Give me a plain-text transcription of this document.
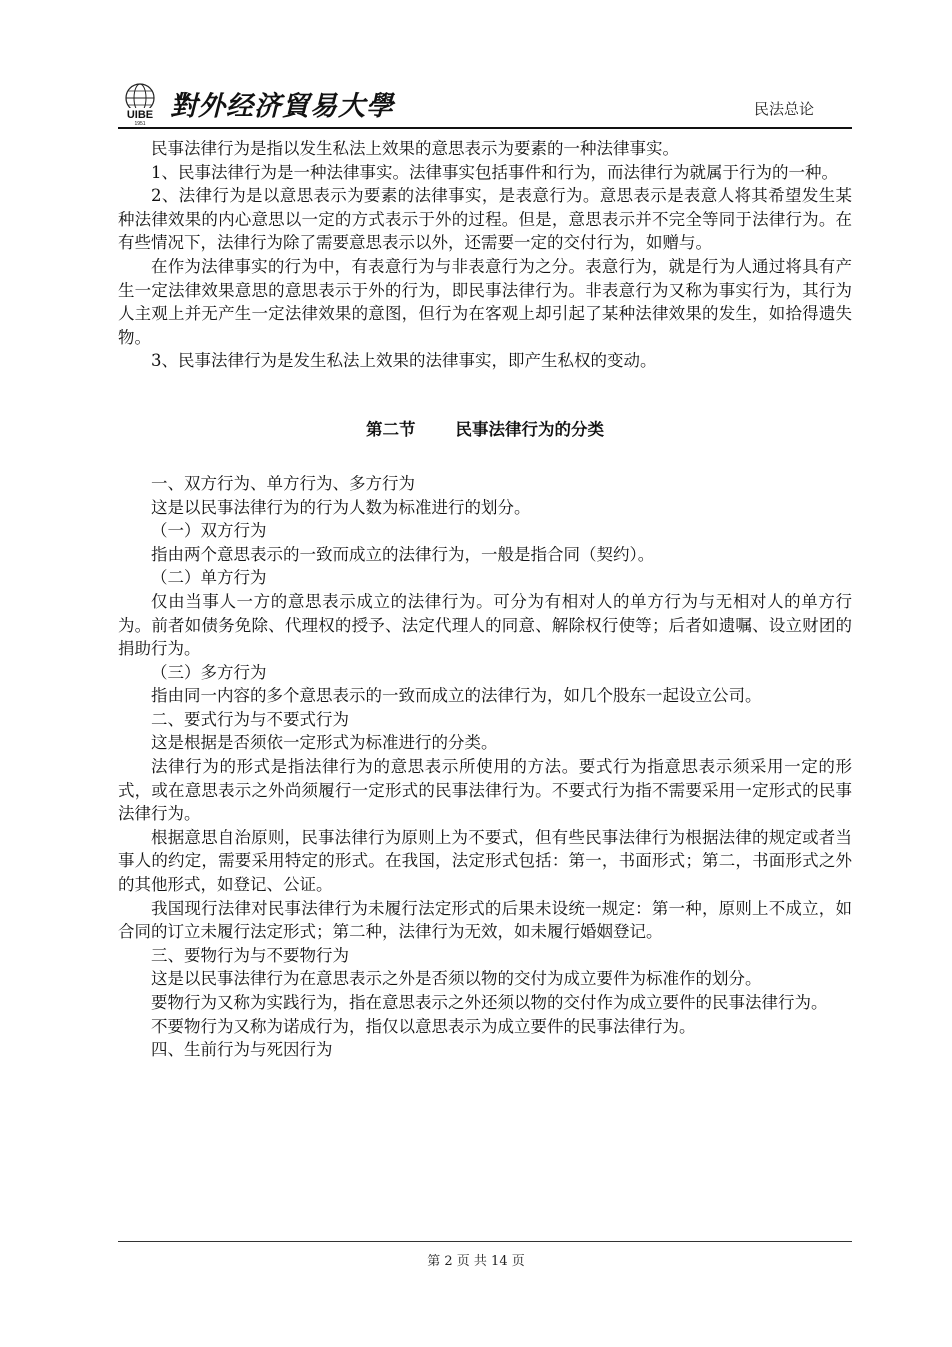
UIBE
1951
對外经济貿易大學	民法总论

民事法律行为是指以发生私法上效果的意思表示为要素的一种法律事实。

1、民事法律行为是一种法律事实。法律事实包括事件和行为，而法律行为就属于行为的一种。

2、法律行为是以意思表示为要素的法律事实，是表意行为。意思表示是表意人将其希望发生某种法律效果的内心意思以一定的方式表示于外的过程。但是，意思表示并不完全等同于法律行为。在有些情况下，法律行为除了需要意思表示以外，还需要一定的交付行为，如赠与。

在作为法律事实的行为中，有表意行为与非表意行为之分。表意行为，就是行为人通过将具有产生一定法律效果意思的意思表示于外的行为，即民事法律行为。非表意行为又称为事实行为，其行为人主观上并无产生一定法律效果的意图，但行为在客观上却引起了某种法律效果的发生，如拾得遗失物。

3、民事法律行为是发生私法上效果的法律事实，即产生私权的变动。

第二节 民事法律行为的分类

一、双方行为、单方行为、多方行为

这是以民事法律行为的行为人数为标准进行的划分。

（一）双方行为

指由两个意思表示的一致而成立的法律行为，一般是指合同（契约）。

（二）单方行为

仅由当事人一方的意思表示成立的法律行为。可分为有相对人的单方行为与无相对人的单方行为。前者如债务免除、代理权的授予、法定代理人的同意、解除权行使等；后者如遗嘱、设立财团的捐助行为。

（三）多方行为

指由同一内容的多个意思表示的一致而成立的法律行为，如几个股东一起设立公司。

二、要式行为与不要式行为

这是根据是否须依一定形式为标准进行的分类。

法律行为的形式是指法律行为的意思表示所使用的方法。要式行为指意思表示须采用一定的形式，或在意思表示之外尚须履行一定形式的民事法律行为。不要式行为指不需要采用一定形式的民事法律行为。

根据意思自治原则，民事法律行为原则上为不要式，但有些民事法律行为根据法律的规定或者当事人的约定，需要采用特定的形式。在我国，法定形式包括：第一，书面形式；第二，书面形式之外的其他形式，如登记、公证。

我国现行法律对民事法律行为未履行法定形式的后果未设统一规定：第一种，原则上不成立，如合同的订立未履行法定形式；第二种，法律行为无效，如未履行婚姻登记。

三、要物行为与不要物行为

这是以民事法律行为在意思表示之外是否须以物的交付为成立要件为标准作的划分。

要物行为又称为实践行为，指在意思表示之外还须以物的交付作为成立要件的民事法律行为。

不要物行为又称为诺成行为，指仅以意思表示为成立要件的民事法律行为。

四、生前行为与死因行为

第 2 页 共 14 页
